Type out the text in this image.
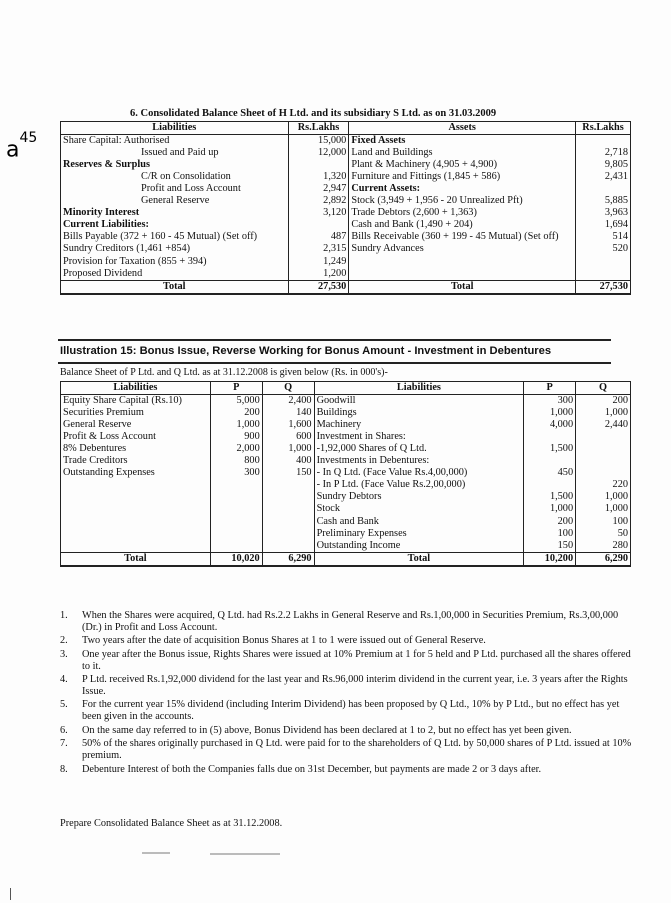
$a^{45}$
6. Consolidated Balance Sheet of H Ltd. and its subsidiary S Ltd. as on 31.03.2009
Liabilities	Rs.Lakhs	Assets	Rs.Lakhs
Share Capital: Authorised	15,000	Fixed Assets	
Issued and Paid up	12,000	Land and Buildings	2,718
Reserves & Surplus		Plant & Machinery (4,905 + 4,900)	9,805
C/R on Consolidation	1,320	Furniture and Fittings (1,845 + 586)	2,431
Profit and Loss Account	2,947	Current Assets:	
General Reserve	2,892	Stock (3,949 + 1,956 - 20 Unrealized Pft)	5,885
Minority Interest	3,120	Trade Debtors (2,600 + 1,363)	3,963
Current Liabilities:		Cash and Bank (1,490 + 204)	1,694
Bills Payable (372 + 160 - 45 Mutual) (Set off)	487	Bills Receivable (360 + 199 - 45 Mutual) (Set off)	514
Sundry Creditors (1,461 +854)	2,315	Sundry Advances	520
Provision for Taxation (855 + 394)	1,249		
Proposed Dividend	1,200		
Total	27,530	Total	27,530
Illustration 15: Bonus Issue, Reverse Working for Bonus Amount - Investment in Debentures
Balance Sheet of P Ltd. and Q Ltd. as at 31.12.2008 is given below (Rs. in 000's)-
Liabilities	P	Q	Liabilities	P	Q
Equity Share Capital (Rs.10)	5,000	2,400	Goodwill	300	200
Securities Premium	200	140	Buildings	1,000	1,000
General Reserve	1,000	1,600	Machinery	4,000	2,440
Profit & Loss Account	900	600	Investment in Shares:		
8% Debentures	2,000	1,000	-1,92,000 Shares of Q Ltd.	1,500	
Trade Creditors	800	400	Investments in Debentures:		
Outstanding Expenses	300	150	- In Q Ltd. (Face Value Rs.4,00,000)	450	
			- In P Ltd. (Face Value Rs.2,00,000)		220
			Sundry Debtors	1,500	1,000
			Stock	1,000	1,000
			Cash and Bank	200	100
			Preliminary Expenses	100	50
			Outstanding Income	150	280
Total	10,020	6,290	Total	10,200	6,290
1. When the Shares were acquired, Q Ltd. had Rs.2.2 Lakhs in General Reserve and Rs.1,00,000 in Securities Premium, Rs.3,00,000 (Dr.) in Profit and Loss Account.
2. Two years after the date of acquisition Bonus Shares at 1 to 1 were issued out of General Reserve.
3. One year after the Bonus issue, Rights Shares were issued at 10% Premium at 1 for 5 held and P Ltd. purchased all the shares offered to it.
4. P Ltd. received Rs.1,92,000 dividend for the last year and Rs.96,000 interim dividend in the current year, i.e. 3 years after the Rights Issue.
5. For the current year 15% dividend (including Interim Dividend) has been proposed by Q Ltd., 10% by P Ltd., but no effect has yet been given in the accounts.
6. On the same day referred to in (5) above, Bonus Dividend has been declared at 1 to 2, but no effect has yet been given.
7. 50% of the shares originally purchased in Q Ltd. were paid for to the shareholders of Q Ltd. by 50,000 shares of P Ltd. issued at 10% premium.
8. Debenture Interest of both the Companies falls due on 31st December, but payments are made 2 or 3 days after.
Prepare Consolidated Balance Sheet as at 31.12.2008.
